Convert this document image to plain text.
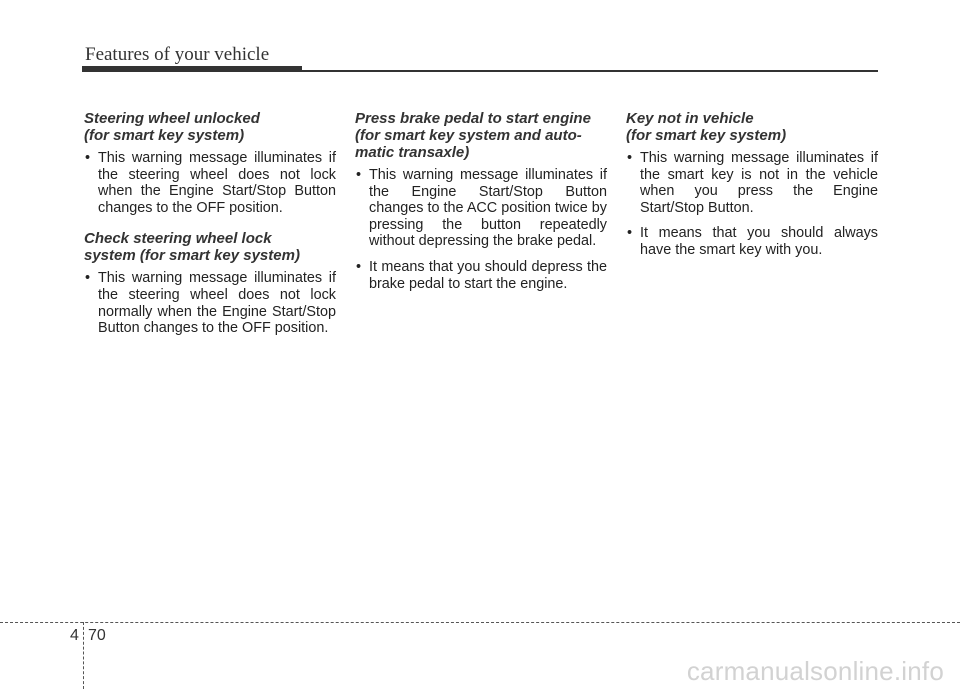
Features of your vehicle
Steering wheel unlocked
(for smart key system)

• This warning message illuminates if the steering wheel does not lock when the Engine Start/Stop Button changes to the OFF position.

Check steering wheel lock
system (for smart key system)

• This warning message illuminates if the steering wheel does not lock normally when the Engine Start/Stop Button changes to the OFF position.

Press brake pedal to start engine
(for smart key system and auto-
matic transaxle)

• This warning message illuminates if the Engine Start/Stop Button changes to the ACC position twice by pressing the button repeatedly without depressing the brake pedal.

• It means that you should depress the brake pedal to start the engine.

Key not in vehicle
(for smart key system)

• This warning message illuminates if the smart key is not in the vehicle when you press the Engine Start/Stop Button.

• It means that you should always have the smart key with you.

4 70
carmanualsonline.info
